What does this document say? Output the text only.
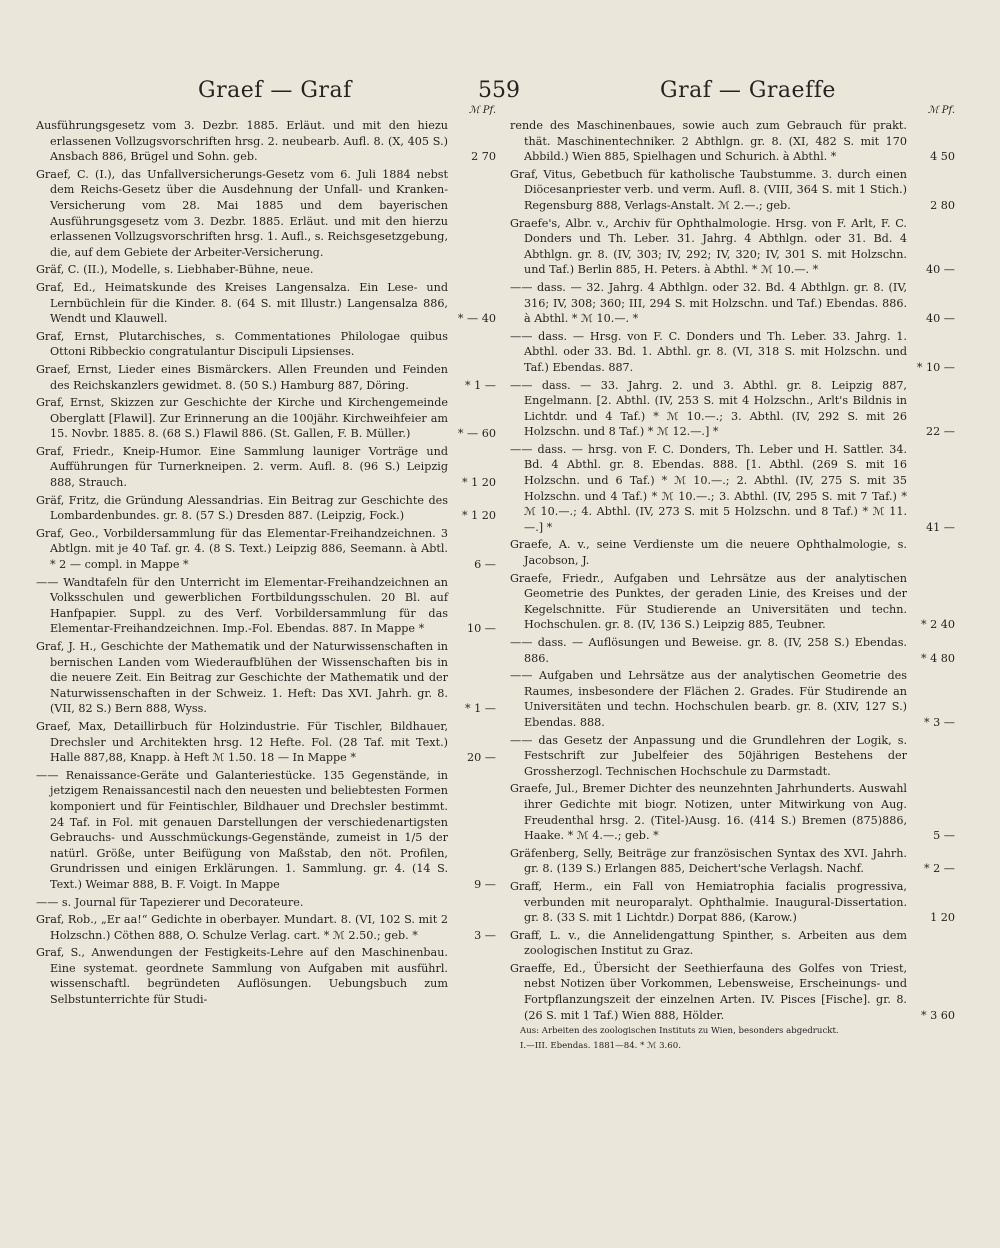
Graef — Graf	559	Graf — Graeffe
ℳ Pf.
Ausführungsgesetz vom 3. Dezbr. 1885. Erläut. und mit den hiezu erlassenen Vollzugsvorschriften hrsg. 2. neubearb. Aufl. 8. (X, 405 S.) Ansbach 886, Brügel und Sohn. geb.	2 70
Graef, C. (I.), das Unfallversicherungs-Gesetz vom 6. Juli 1884 nebst dem Reichs-Gesetz über die Ausdehnung der Unfall- und Kranken-Versicherung vom 28. Mai 1885 und dem bayerischen Ausführungsgesetz vom 3. Dezbr. 1885. Erläut. und mit den hierzu erlassenen Vollzugsvorschriften hrsg. 1. Aufl., s. Reichsgesetzgebung, die, auf dem Gebiete der Arbeiter-Versicherung.
Gräf, C. (II.), Modelle, s. Liebhaber-Bühne, neue.
Graf, Ed., Heimatskunde des Kreises Langensalza. Ein Lese- und Lernbüchlein für die Kinder. 8. (64 S. mit Illustr.) Langensalza 886, Wendt und Klauwell.	* — 40
Graf, Ernst, Plutarchisches, s. Commentationes Philologae quibus Ottoni Ribbeckio congratulantur Discipuli Lipsienses.
Graef, Ernst, Lieder eines Bismärckers. Allen Freunden und Feinden des Reichskanzlers gewidmet. 8. (50 S.) Hamburg 887, Döring.	* 1 —
Graf, Ernst, Skizzen zur Geschichte der Kirche und Kirchengemeinde Oberglatt [Flawil]. Zur Erinnerung an die 100jähr. Kirchweihfeier am 15. Novbr. 1885. 8. (68 S.) Flawil 886. (St. Gallen, F. B. Müller.)	* — 60
Graf, Friedr., Kneip-Humor. Eine Sammlung launiger Vorträge und Aufführungen für Turnerkneipen. 2. verm. Aufl. 8. (96 S.) Leipzig 888, Strauch.	* 1 20
Gräf, Fritz, die Gründung Alessandrias. Ein Beitrag zur Geschichte des Lombardenbundes. gr. 8. (57 S.) Dresden 887. (Leipzig, Fock.)	* 1 20
Graf, Geo., Vorbildersammlung für das Elementar-Freihandzeichnen. 3 Abtlgn. mit je 40 Taf. gr. 4. (8 S. Text.) Leipzig 886, Seemann. à Abtl. * 2 — compl. in Mappe *	6 —
—— Wandtafeln für den Unterricht im Elementar-Freihandzeichnen an Volksschulen und gewerblichen Fortbildungsschulen. 20 Bl. auf Hanfpapier. Suppl. zu des Verf. Vorbildersammlung für das Elementar-Freihandzeichnen. Imp.-Fol. Ebendas. 887. In Mappe *	10 —
Graf, J. H., Geschichte der Mathematik und der Naturwissenschaften in bernischen Landen vom Wiederaufblühen der Wissenschaften bis in die neuere Zeit. Ein Beitrag zur Geschichte der Mathematik und der Naturwissenschaften in der Schweiz. 1. Heft: Das XVI. Jahrh. gr. 8. (VII, 82 S.) Bern 888, Wyss.	* 1 —
Graef, Max, Detaillirbuch für Holzindustrie. Für Tischler, Bildhauer, Drechsler und Architekten hrsg. 12 Hefte. Fol. (28 Taf. mit Text.) Halle 887,88, Knapp. à Heft ℳ 1.50. 18 — In Mappe *	20 —
—— Renaissance-Geräte und Galanteriestücke. 135 Gegenstände, in jetzigem Renaissancestil nach den neuesten und beliebtesten Formen komponiert und für Feintischler, Bildhauer und Drechsler bestimmt. 24 Taf. in Fol. mit genauen Darstellungen der verschiedenartigsten Gebrauchs- und Ausschmückungs-Gegenstände, zumeist in 1/5 der natürl. Größe, unter Beifügung von Maßstab, den nöt. Profilen, Grundrissen und einigen Erklärungen. 1. Sammlung. gr. 4. (14 S. Text.) Weimar 888, B. F. Voigt. In Mappe	9 —
—— s. Journal für Tapezierer und Decorateure.
Graf, Rob., „Er aa!“ Gedichte in oberbayer. Mundart. 8. (VI, 102 S. mit 2 Holzschn.) Cöthen 888, O. Schulze Verlag. cart. * ℳ 2.50.; geb. *	3 —
Graf, S., Anwendungen der Festigkeits-Lehre auf den Maschinenbau. Eine systemat. geordnete Sammlung von Aufgaben mit ausführl. wissenschaftl. begründeten Auflösungen. Uebungsbuch zum Selbstunterrichte für Studi-
ℳ Pf.
rende des Maschinenbaues, sowie auch zum Gebrauch für prakt. thät. Maschinentechniker. 2 Abthlgn. gr. 8. (XI, 482 S. mit 170 Abbild.) Wien 885, Spielhagen und Schurich. à Abthl. *	4 50
Graf, Vitus, Gebetbuch für katholische Taubstumme. 3. durch einen Diöcesanpriester verb. und verm. Aufl. 8. (VIII, 364 S. mit 1 Stich.) Regensburg 888, Verlags-Anstalt. ℳ 2.—.; geb.	2 80
Graefe's, Albr. v., Archiv für Ophthalmologie. Hrsg. von F. Arlt, F. C. Donders und Th. Leber. 31. Jahrg. 4 Abthlgn. oder 31. Bd. 4 Abthlgn. gr. 8. (IV, 303; IV, 292; IV, 320; IV, 301 S. mit Holzschn. und Taf.) Berlin 885, H. Peters. à Abthl. * ℳ 10.—. *	40 —
—— dass. — 32. Jahrg. 4 Abthlgn. oder 32. Bd. 4 Abthlgn. gr. 8. (IV, 316; IV, 308; 360; III, 294 S. mit Holzschn. und Taf.) Ebendas. 886. à Abthl. * ℳ 10.—. *	40 —
—— dass. — Hrsg. von F. C. Donders und Th. Leber. 33. Jahrg. 1. Abthl. oder 33. Bd. 1. Abthl. gr. 8. (VI, 318 S. mit Holzschn. und Taf.) Ebendas. 887.	* 10 —
—— dass. — 33. Jahrg. 2. und 3. Abthl. gr. 8. Leipzig 887, Engelmann. [2. Abthl. (IV, 253 S. mit 4 Holzschn., Arlt's Bildnis in Lichtdr. und 4 Taf.) * ℳ 10.—.; 3. Abthl. (IV, 292 S. mit 26 Holzschn. und 8 Taf.) * ℳ 12.—.] *	22 —
—— dass. — hrsg. von F. C. Donders, Th. Leber und H. Sattler. 34. Bd. 4 Abthl. gr. 8. Ebendas. 888. [1. Abthl. (269 S. mit 16 Holzschn. und 6 Taf.) * ℳ 10.—.; 2. Abthl. (IV, 275 S. mit 35 Holzschn. und 4 Taf.) * ℳ 10.—.; 3. Abthl. (IV, 295 S. mit 7 Taf.) * ℳ 10.—.; 4. Abthl. (IV, 273 S. mit 5 Holzschn. und 8 Taf.) * ℳ 11.—.] *	41 —
Graefe, A. v., seine Verdienste um die neuere Ophthalmologie, s. Jacobson, J.
Graefe, Friedr., Aufgaben und Lehrsätze aus der analytischen Geometrie des Punktes, der geraden Linie, des Kreises und der Kegelschnitte. Für Studierende an Universitäten und techn. Hochschulen. gr. 8. (IV, 136 S.) Leipzig 885, Teubner.	* 2 40
—— dass. — Auflösungen und Beweise. gr. 8. (IV, 258 S.) Ebendas. 886.	* 4 80
—— Aufgaben und Lehrsätze aus der analytischen Geometrie des Raumes, insbesondere der Flächen 2. Grades. Für Studirende an Universitäten und techn. Hochschulen bearb. gr. 8. (XIV, 127 S.) Ebendas. 888.	* 3 —
—— das Gesetz der Anpassung und die Grundlehren der Logik, s. Festschrift zur Jubelfeier des 50jährigen Bestehens der Grossherzogl. Technischen Hochschule zu Darmstadt.
Graefe, Jul., Bremer Dichter des neunzehnten Jahrhunderts. Auswahl ihrer Gedichte mit biogr. Notizen, unter Mitwirkung von Aug. Freudenthal hrsg. 2. (Titel-)Ausg. 16. (414 S.) Bremen (875)886, Haake. * ℳ 4.—.; geb. *	5 —
Gräfenberg, Selly, Beiträge zur französischen Syntax des XVI. Jahrh. gr. 8. (139 S.) Erlangen 885, Deichert'sche Verlagsh. Nachf.	* 2 —
Graff, Herm., ein Fall von Hemiatrophia facialis progressiva, verbunden mit neuroparalyt. Ophthalmie. Inaugural-Dissertation. gr. 8. (33 S. mit 1 Lichtdr.) Dorpat 886, (Karow.)	1 20
Graff, L. v., die Annelidengattung Spinther, s. Arbeiten aus dem zoologischen Institut zu Graz.
Graeffe, Ed., Übersicht der Seethierfauna des Golfes von Triest, nebst Notizen über Vorkommen, Lebensweise, Erscheinungs- und Fortpflanzungszeit der einzelnen Arten. IV. Pisces [Fische]. gr. 8. (26 S. mit 1 Taf.) Wien 888, Hölder.	* 3 60
Aus: Arbeiten des zoologischen Instituts zu Wien, besonders abgedruckt.
I.—III. Ebendas. 1881—84. * ℳ 3.60.
